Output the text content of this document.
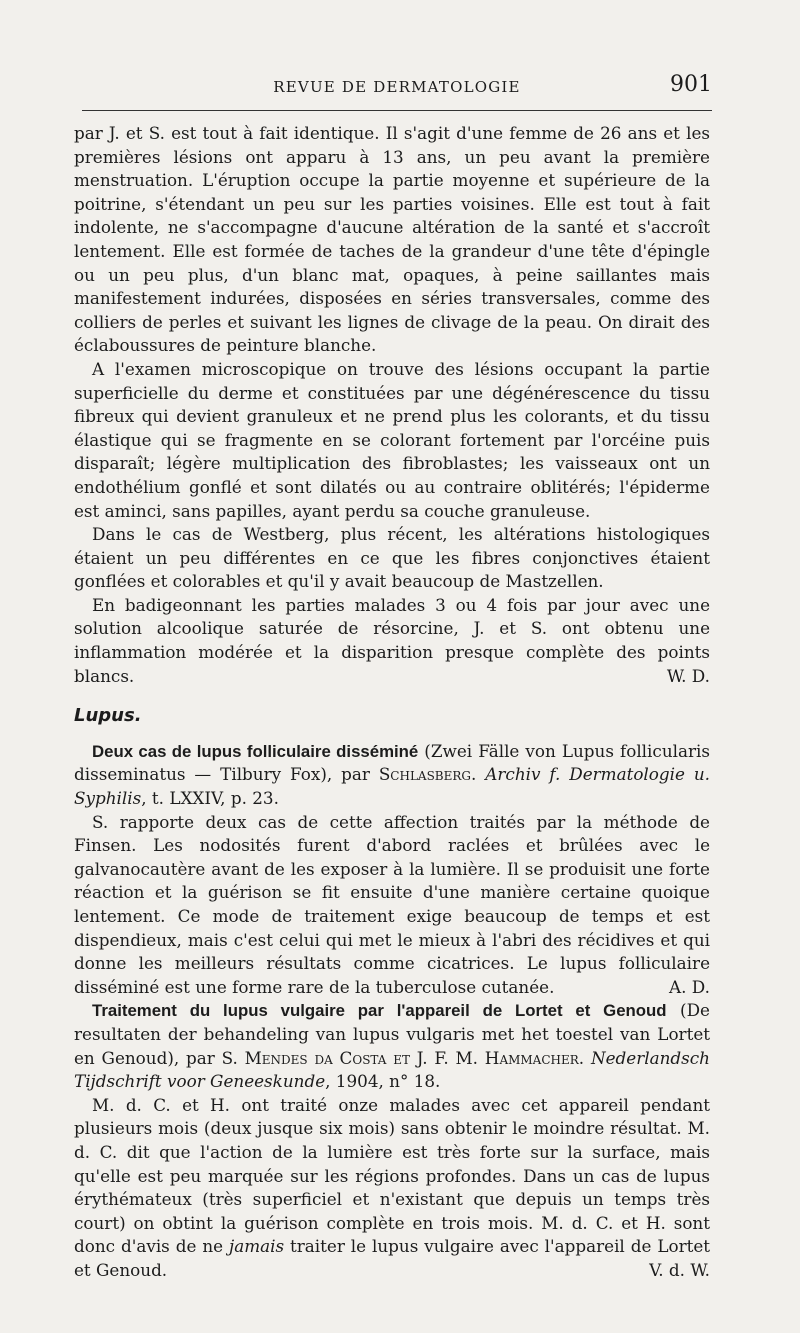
REVUE DE DERMATOLOGIE	901

par J. et S. est tout à fait identique. Il s'agit d'une femme de 26 ans et les premières lésions ont apparu à 13 ans, un peu avant la première menstruation. L'éruption occupe la partie moyenne et supérieure de la poitrine, s'étendant un peu sur les parties voisines. Elle est tout à fait indolente, ne s'accompagne d'aucune altération de la santé et s'accroît lentement. Elle est formée de taches de la grandeur d'une tête d'épingle ou un peu plus, d'un blanc mat, opaques, à peine saillantes mais manifestement indurées, disposées en séries transversales, comme des colliers de perles et suivant les lignes de clivage de la peau. On dirait des éclaboussures de peinture blanche.

A l'examen microscopique on trouve des lésions occupant la partie superficielle du derme et constituées par une dégénérescence du tissu fibreux qui devient granuleux et ne prend plus les colorants, et du tissu élastique qui se fragmente en se colorant fortement par l'orcéine puis disparaît; légère multiplication des fibroblastes; les vaisseaux ont un endothélium gonflé et sont dilatés ou au contraire oblitérés; l'épiderme est aminci, sans papilles, ayant perdu sa couche granuleuse.

Dans le cas de Westberg, plus récent, les altérations histologiques étaient un peu différentes en ce que les fibres conjonctives étaient gonflées et colorables et qu'il y avait beaucoup de Mastzellen.

En badigeonnant les parties malades 3 ou 4 fois par jour avec une solution alcoolique saturée de résorcine, J. et S. ont obtenu une inflammation modérée et la disparition presque complète des points blancs.	W. D.

Lupus.

Deux cas de lupus folliculaire disséminé (Zwei Fälle von Lupus follicularis disseminatus — Tilbury Fox), par Schlasberg. Archiv f. Dermatologie u. Syphilis, t. LXXIV, p. 23.

S. rapporte deux cas de cette affection traités par la méthode de Finsen. Les nodosités furent d'abord raclées et brûlées avec le galvanocautère avant de les exposer à la lumière. Il se produisit une forte réaction et la guérison se fit ensuite d'une manière certaine quoique lentement. Ce mode de traitement exige beaucoup de temps et est dispendieux, mais c'est celui qui met le mieux à l'abri des récidives et qui donne les meilleurs résultats comme cicatrices. Le lupus folliculaire disséminé est une forme rare de la tuberculose cutanée.	A. D.

Traitement du lupus vulgaire par l'appareil de Lortet et Genoud (De resultaten der behandeling van lupus vulgaris met het toestel van Lortet en Genoud), par S. Mendes da Costa et J. F. M. Hammacher. Nederlandsch Tijdschrift voor Geneeskunde, 1904, n° 18.

M. d. C. et H. ont traité onze malades avec cet appareil pendant plusieurs mois (deux jusque six mois) sans obtenir le moindre résultat. M. d. C. dit que l'action de la lumière est très forte sur la surface, mais qu'elle est peu marquée sur les régions profondes. Dans un cas de lupus érythémateux (très superficiel et n'existant que depuis un temps très court) on obtint la guérison complète en trois mois. M. d. C. et H. sont donc d'avis de ne jamais traiter le lupus vulgaire avec l'appareil de Lortet et Genoud.	V. d. W.
